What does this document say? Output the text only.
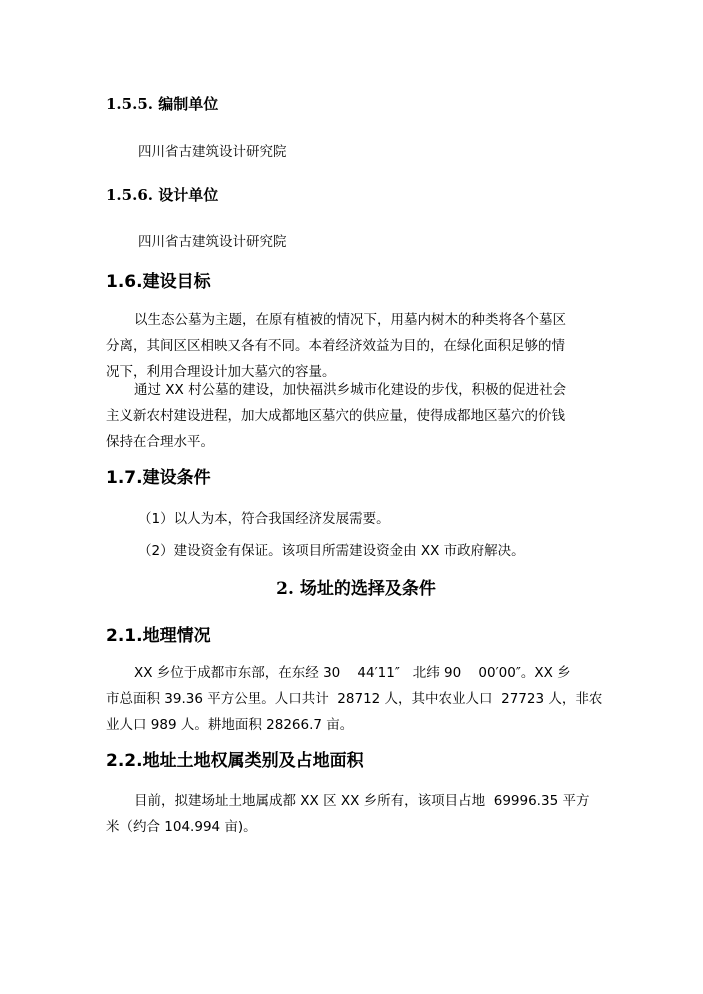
1.5.5. 编制单位
四川省古建筑设计研究院
1.5.6. 设计单位
四川省古建筑设计研究院
1.6.建设目标
以生态公墓为主题，在原有植被的情况下，用墓内树木的种类将各个墓区
分离，其间区区相映又各有不同。本着经济效益为目的，在绿化面积足够的情
况下，利用合理设计加大墓穴的容量。
通过 XX 村公墓的建设，加快福洪乡城市化建设的步伐，积极的促进社会
主义新农村建设进程，加大成都地区墓穴的供应量，使得成都地区墓穴的价钱
保持在合理水平。
1.7.建设条件
（1）以人为本，符合我国经济发展需要。
（2）建设资金有保证。该项目所需建设资金由 XX 市政府解决。
2. 场址的选择及条件
2.1.地理情况
XX 乡位于成都市东部，在东经 30    44′11″   北纬 90    00′00″。XX 乡
市总面积 39.36 平方公里。人口共计  28712 人，其中农业人口  27723 人，非农
业人口 989 人。耕地面积 28266.7 亩。
2.2.地址土地权属类别及占地面积
目前，拟建场址土地属成都 XX 区 XX 乡所有，该项目占地  69996.35 平方
米（约合 104.994 亩)。
